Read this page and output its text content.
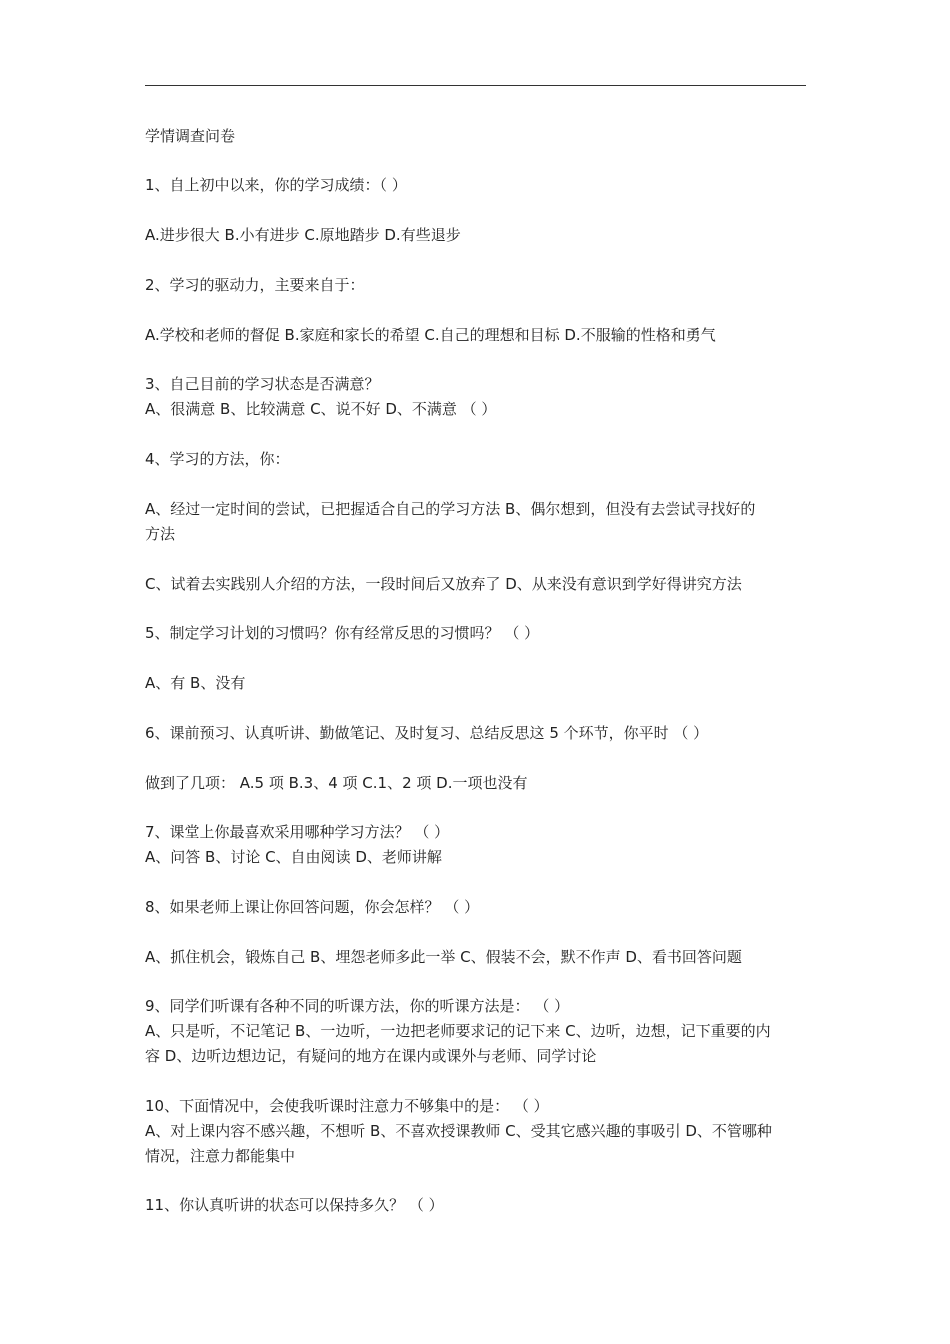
学情调查问卷
1、自上初中以来，你的学习成绩：（ ）
A.进步很大 B.小有进步 C.原地踏步 D.有些退步
2、学习的驱动力，主要来自于：
A.学校和老师的督促 B.家庭和家长的希望 C.自己的理想和目标 D.不服输的性格和勇气
3、自己目前的学习状态是否满意？
A、很满意 B、比较满意 C、说不好 D、不满意 （ ）
4、学习的方法，你：
A、经过一定时间的尝试，已把握适合自己的学习方法 B、偶尔想到，但没有去尝试寻找好的
方法
C、试着去实践别人介绍的方法，一段时间后又放弃了 D、从来没有意识到学好得讲究方法
5、制定学习计划的习惯吗？你有经常反思的习惯吗？ （ ）
A、有 B、没有
6、课前预习、认真听讲、勤做笔记、及时复习、总结反思这 5 个环节，你平时 （ ）
做到了几项： A.5 项 B.3、4 项 C.1、2 项 D.一项也没有
7、课堂上你最喜欢采用哪种学习方法？ （ ）
A、问答 B、讨论 C、自由阅读 D、老师讲解
8、如果老师上课让你回答问题，你会怎样？ （ ）
A、抓住机会，锻炼自己 B、埋怨老师多此一举 C、假装不会，默不作声 D、看书回答问题
9、同学们听课有各种不同的听课方法，你的听课方法是： （ ）
A、只是听，不记笔记 B、一边听，一边把老师要求记的记下来 C、边听，边想，记下重要的内
容 D、边听边想边记，有疑问的地方在课内或课外与老师、同学讨论
10、下面情况中，会使我听课时注意力不够集中的是： （ ）
A、对上课内容不感兴趣，不想听 B、不喜欢授课教师 C、受其它感兴趣的事吸引 D、不管哪种
情况，注意力都能集中
11、你认真听讲的状态可以保持多久？ （ ）
